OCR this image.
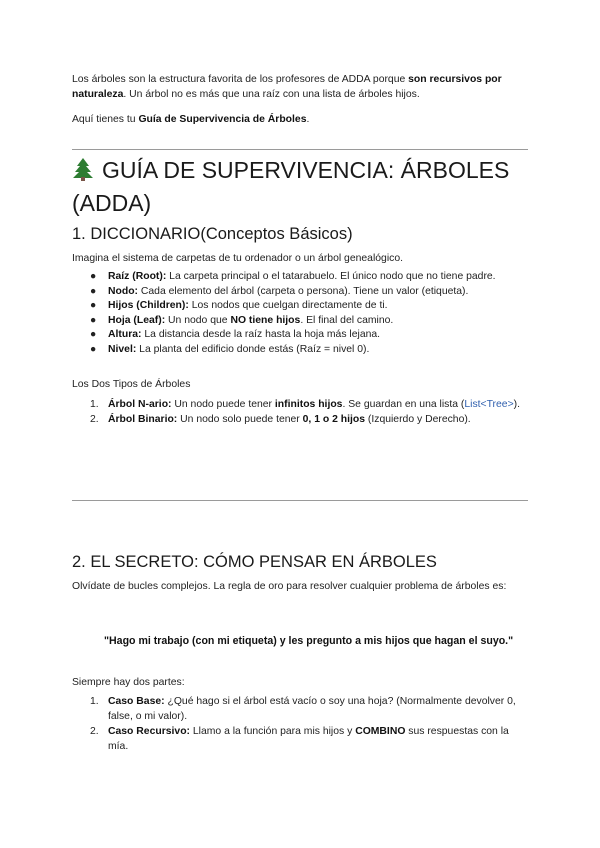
Los árboles son la estructura favorita de los profesores de ADDA porque son recursivos por naturaleza. Un árbol no es más que una raíz con una lista de árboles hijos.

Aquí tienes tu Guía de Supervivencia de Árboles.

GUÍA DE SUPERVIVENCIA: ÁRBOLES
(ADDA)
1. DICCIONARIO(Conceptos Básicos)

Imagina el sistema de carpetas de tu ordenador o un árbol genealógico.

● Raíz (Root): La carpeta principal o el tatarabuelo. El único nodo que no tiene padre.
● Nodo: Cada elemento del árbol (carpeta o persona). Tiene un valor (etiqueta).
● Hijos (Children): Los nodos que cuelgan directamente de ti.
● Hoja (Leaf): Un nodo que NO tiene hijos. El final del camino.
● Altura: La distancia desde la raíz hasta la hoja más lejana.
● Nivel: La planta del edificio donde estás (Raíz = nivel 0).

Los Dos Tipos de Árboles

1. Árbol N-ario: Un nodo puede tener infinitos hijos. Se guardan en una lista (List<Tree>).
2. Árbol Binario: Un nodo solo puede tener 0, 1 o 2 hijos (Izquierdo y Derecho).
2. EL SECRETO: CÓMO PENSAR EN ÁRBOLES

Olvídate de bucles complejos. La regla de oro para resolver cualquier problema de árboles es:

"Hago mi trabajo (con mi etiqueta) y les pregunto a mis hijos que hagan el suyo."

Siempre hay dos partes:

1. Caso Base: ¿Qué hago si el árbol está vacío o soy una hoja? (Normalmente devolver 0, false, o mi valor).
2. Caso Recursivo: Llamo a la función para mis hijos y COMBINO sus respuestas con la mía.
